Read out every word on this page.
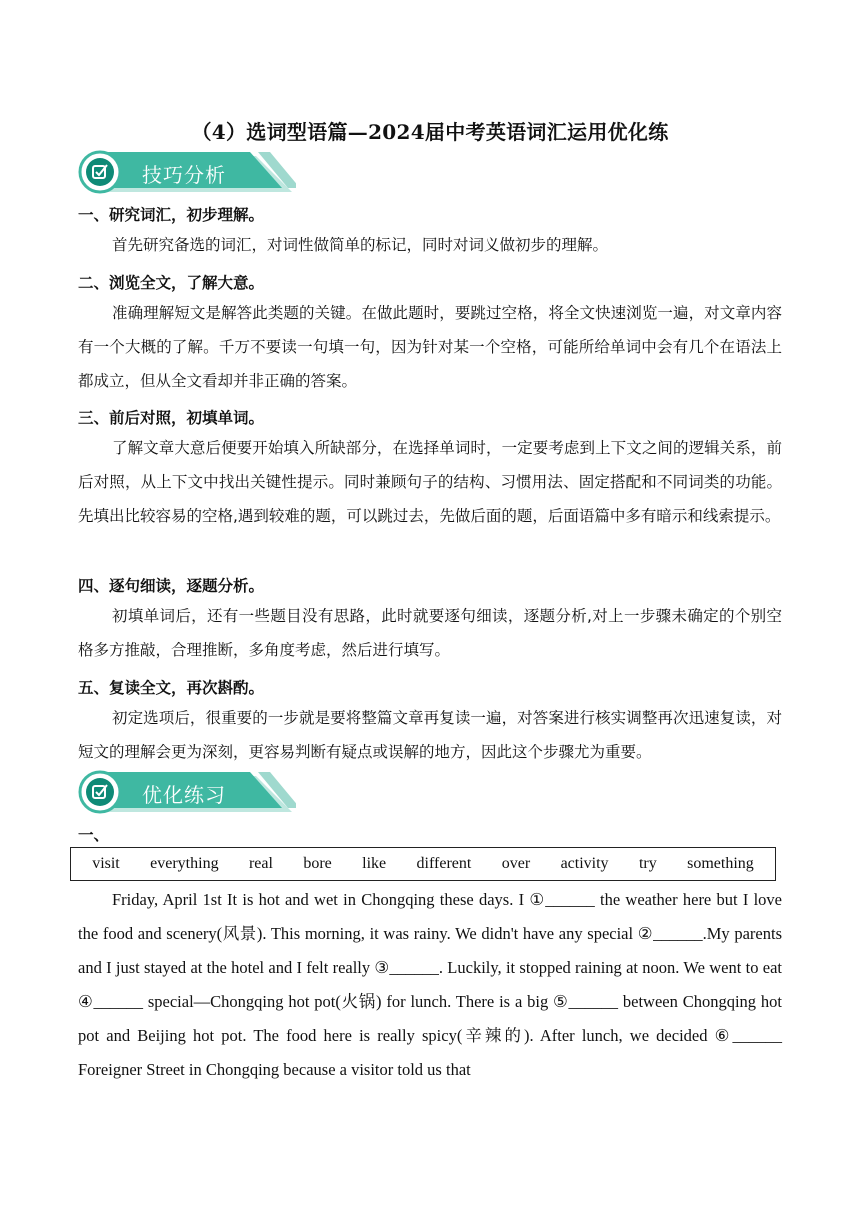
（4）选词型语篇—2024届中考英语词汇运用优化练
技巧分析
一、研究词汇，初步理解。
首先研究备选的词汇，对词性做简单的标记，同时对词义做初步的理解。
二、浏览全文，了解大意。
准确理解短文是解答此类题的关键。在做此题时，要跳过空格，将全文快速浏览一遍，对文章内容有一个大概的了解。千万不要读一句填一句，因为针对某一个空格，可能所给单词中会有几个在语法上都成立，但从全文看却并非正确的答案。
三、前后对照，初填单词。
了解文章大意后便要开始填入所缺部分，在选择单词时，一定要考虑到上下文之间的逻辑关系，前后对照，从上下文中找出关键性提示。同时兼顾句子的结构、习惯用法、固定搭配和不同词类的功能。先填出比较容易的空格,遇到较难的题，可以跳过去，先做后面的题，后面语篇中多有暗示和线索提示。
四、逐句细读，逐题分析。
初填单词后，还有一些题目没有思路，此时就要逐句细读，逐题分析,对上一步骤未确定的个别空格多方推敲，合理推断，多角度考虑，然后进行填写。
五、复读全文，再次斟酌。
初定选项后，很重要的一步就是要将整篇文章再复读一遍，对答案进行核实调整再次迅速复读，对短文的理解会更为深刻，更容易判断有疑点或误解的地方，因此这个步骤尤为重要。
优化练习
一、
visit everything real bore like different over activity try something
Friday, April 1st It is hot and wet in Chongqing these days. I ①______ the weather here but I love the food and scenery(风景). This morning, it was rainy. We didn't have any special ②______.My parents and I just stayed at the hotel and I felt really ③______. Luckily, it stopped raining at noon. We went to eat ④______ special—Chongqing hot pot(火锅) for lunch. There is a big ⑤______ between Chongqing hot pot and Beijing hot pot. The food here is really spicy(辛辣的). After lunch, we decided ⑥______ Foreigner Street in Chongqing because a visitor told us that
